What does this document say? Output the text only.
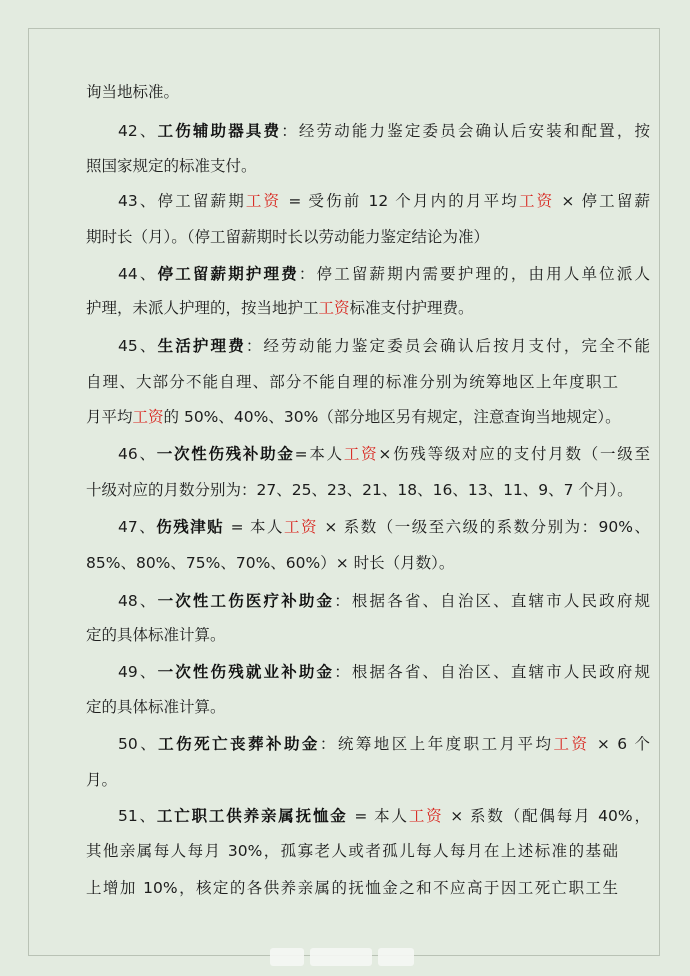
询当地标准。
42、工伤辅助器具费：经劳动能力鉴定委员会确认后安装和配置，按
照国家规定的标准支付。
43、停工留薪期工资 = 受伤前 12 个月内的月平均工资 × 停工留薪
期时长（月）。（停工留薪期时长以劳动能力鉴定结论为准）
44、停工留薪期护理费：停工留薪期内需要护理的，由用人单位派人
护理，未派人护理的，按当地护工工资标准支付护理费。
45、生活护理费：经劳动能力鉴定委员会确认后按月支付，完全不能
自理、大部分不能自理、部分不能自理的标准分别为统筹地区上年度职工
月平均工资的 50%、40%、30%（部分地区另有规定，注意查询当地规定）。
46、一次性伤残补助金=本人工资×伤残等级对应的支付月数（一级至
十级对应的月数分别为：27、25、23、21、18、16、13、11、9、7 个月）。
47、伤残津贴 = 本人工资 × 系数（一级至六级的系数分别为：90%、
85%、80%、75%、70%、60%）× 时长（月数）。
48、一次性工伤医疗补助金：根据各省、自治区、直辖市人民政府规
定的具体标准计算。
49、一次性伤残就业补助金：根据各省、自治区、直辖市人民政府规
定的具体标准计算。
50、工伤死亡丧葬补助金：统筹地区上年度职工月平均工资 × 6 个
月。
51、工亡职工供养亲属抚恤金 = 本人工资 × 系数（配偶每月 40%，
其他亲属每人每月 30%，孤寡老人或者孤儿每人每月在上述标准的基础
上增加 10%，核定的各供养亲属的抚恤金之和不应高于因工死亡职工生
